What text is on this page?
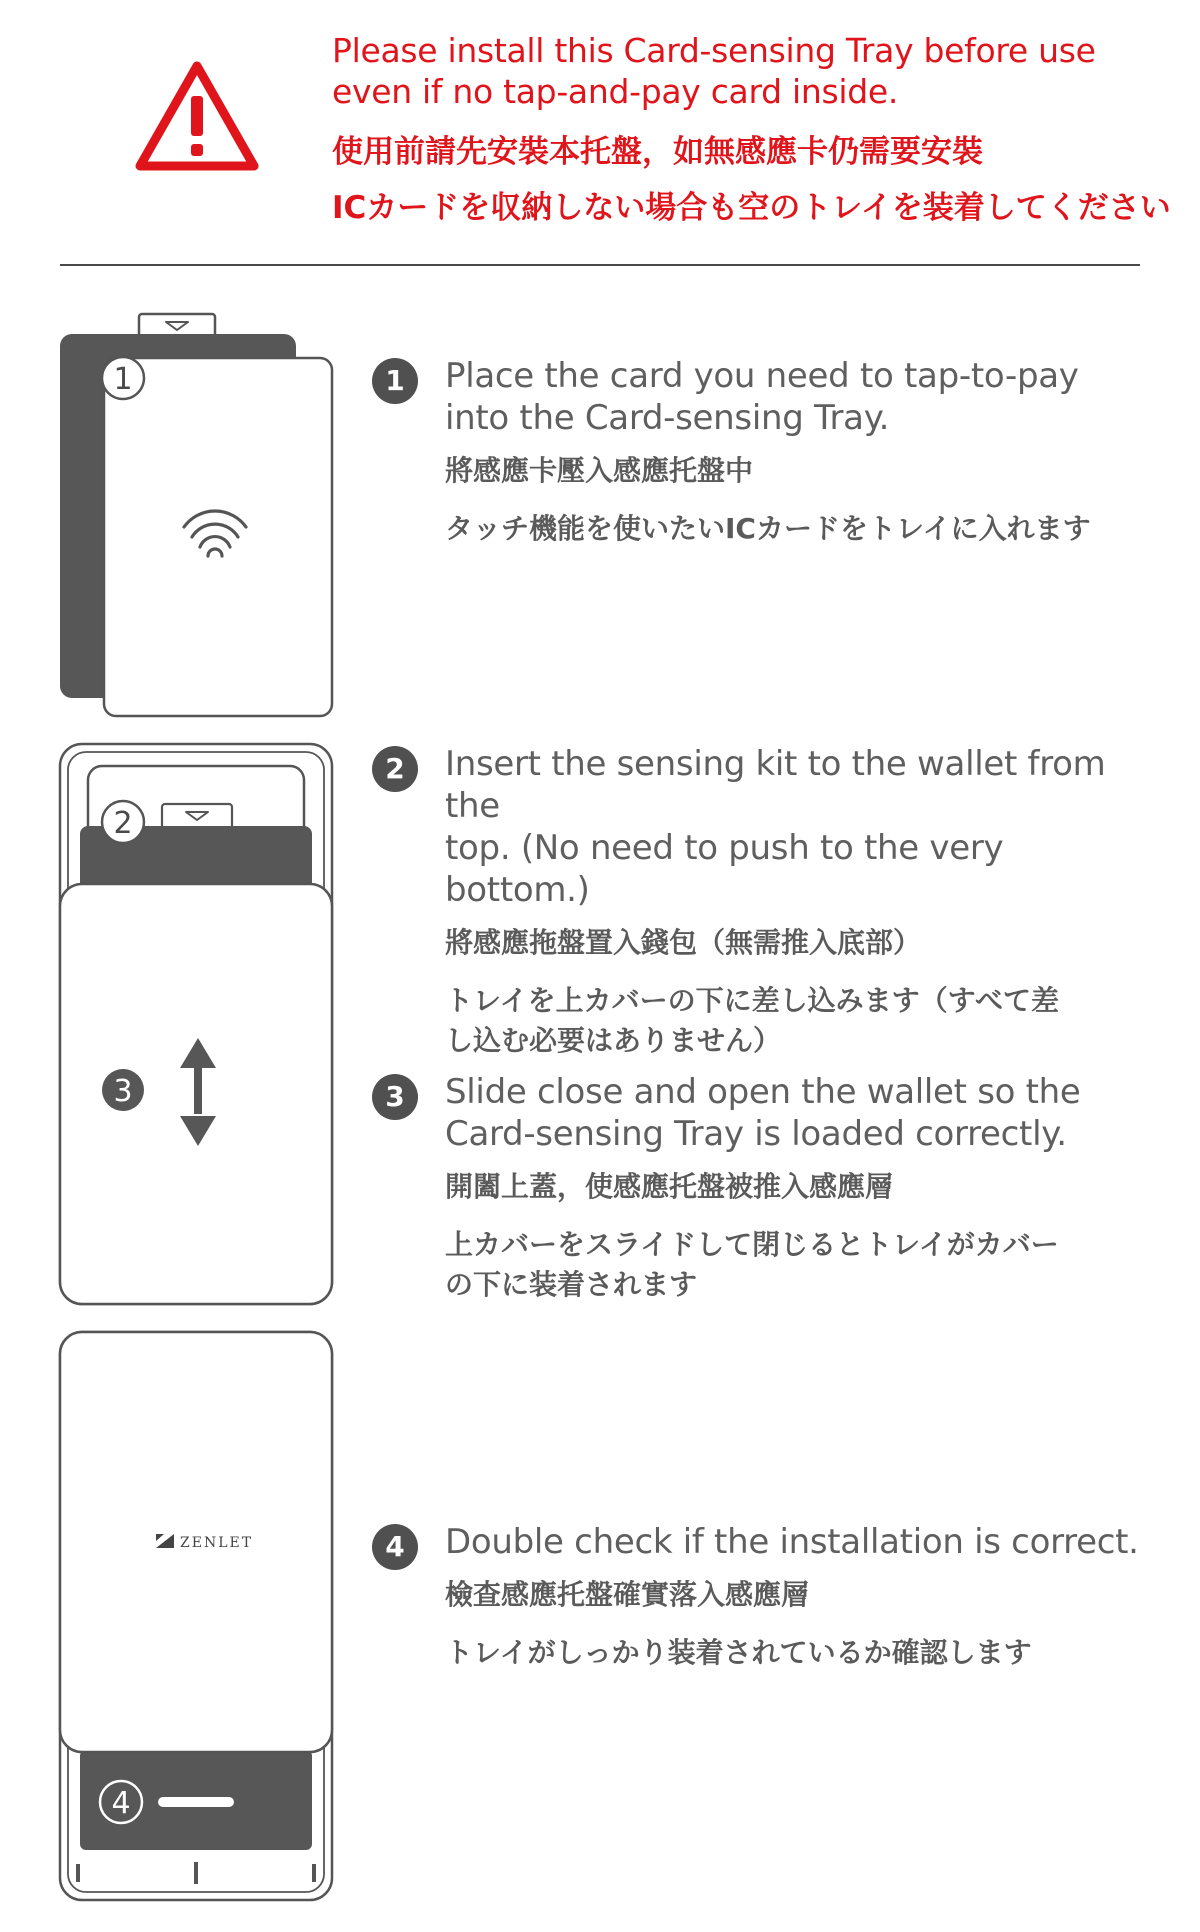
Please install this Card-sensing Tray before use
even if no tap-and-pay card inside.
使用前請先安裝本托盤，如無感應卡仍需要安裝
ICカードを収納しない場合も空のトレイを装着してください
1	Place the card you need to tap-to-pay

into the Card-sensing Tray.

將感應卡壓入感應托盤中

タッチ機能を使いたいICカードをトレイに入れます

2	Insert the sensing kit to the wallet from the

top. (No need to push to the very bottom.)

將感應拖盤置入錢包（無需推入底部）

トレイを上カバーの下に差し込みます（すべて差

し込む必要はありません）

3	Slide close and open the wallet so the

Card-sensing Tray is loaded correctly.

開闔上蓋，使感應托盤被推入感應層

上カバーをスライドして閉じるとトレイがカバー

の下に装着されます

4	Double check if the installation is correct.

檢查感應托盤確實落入感應層

トレイがしっかり装着されているか確認します

1
2
3
ZENLET
4
